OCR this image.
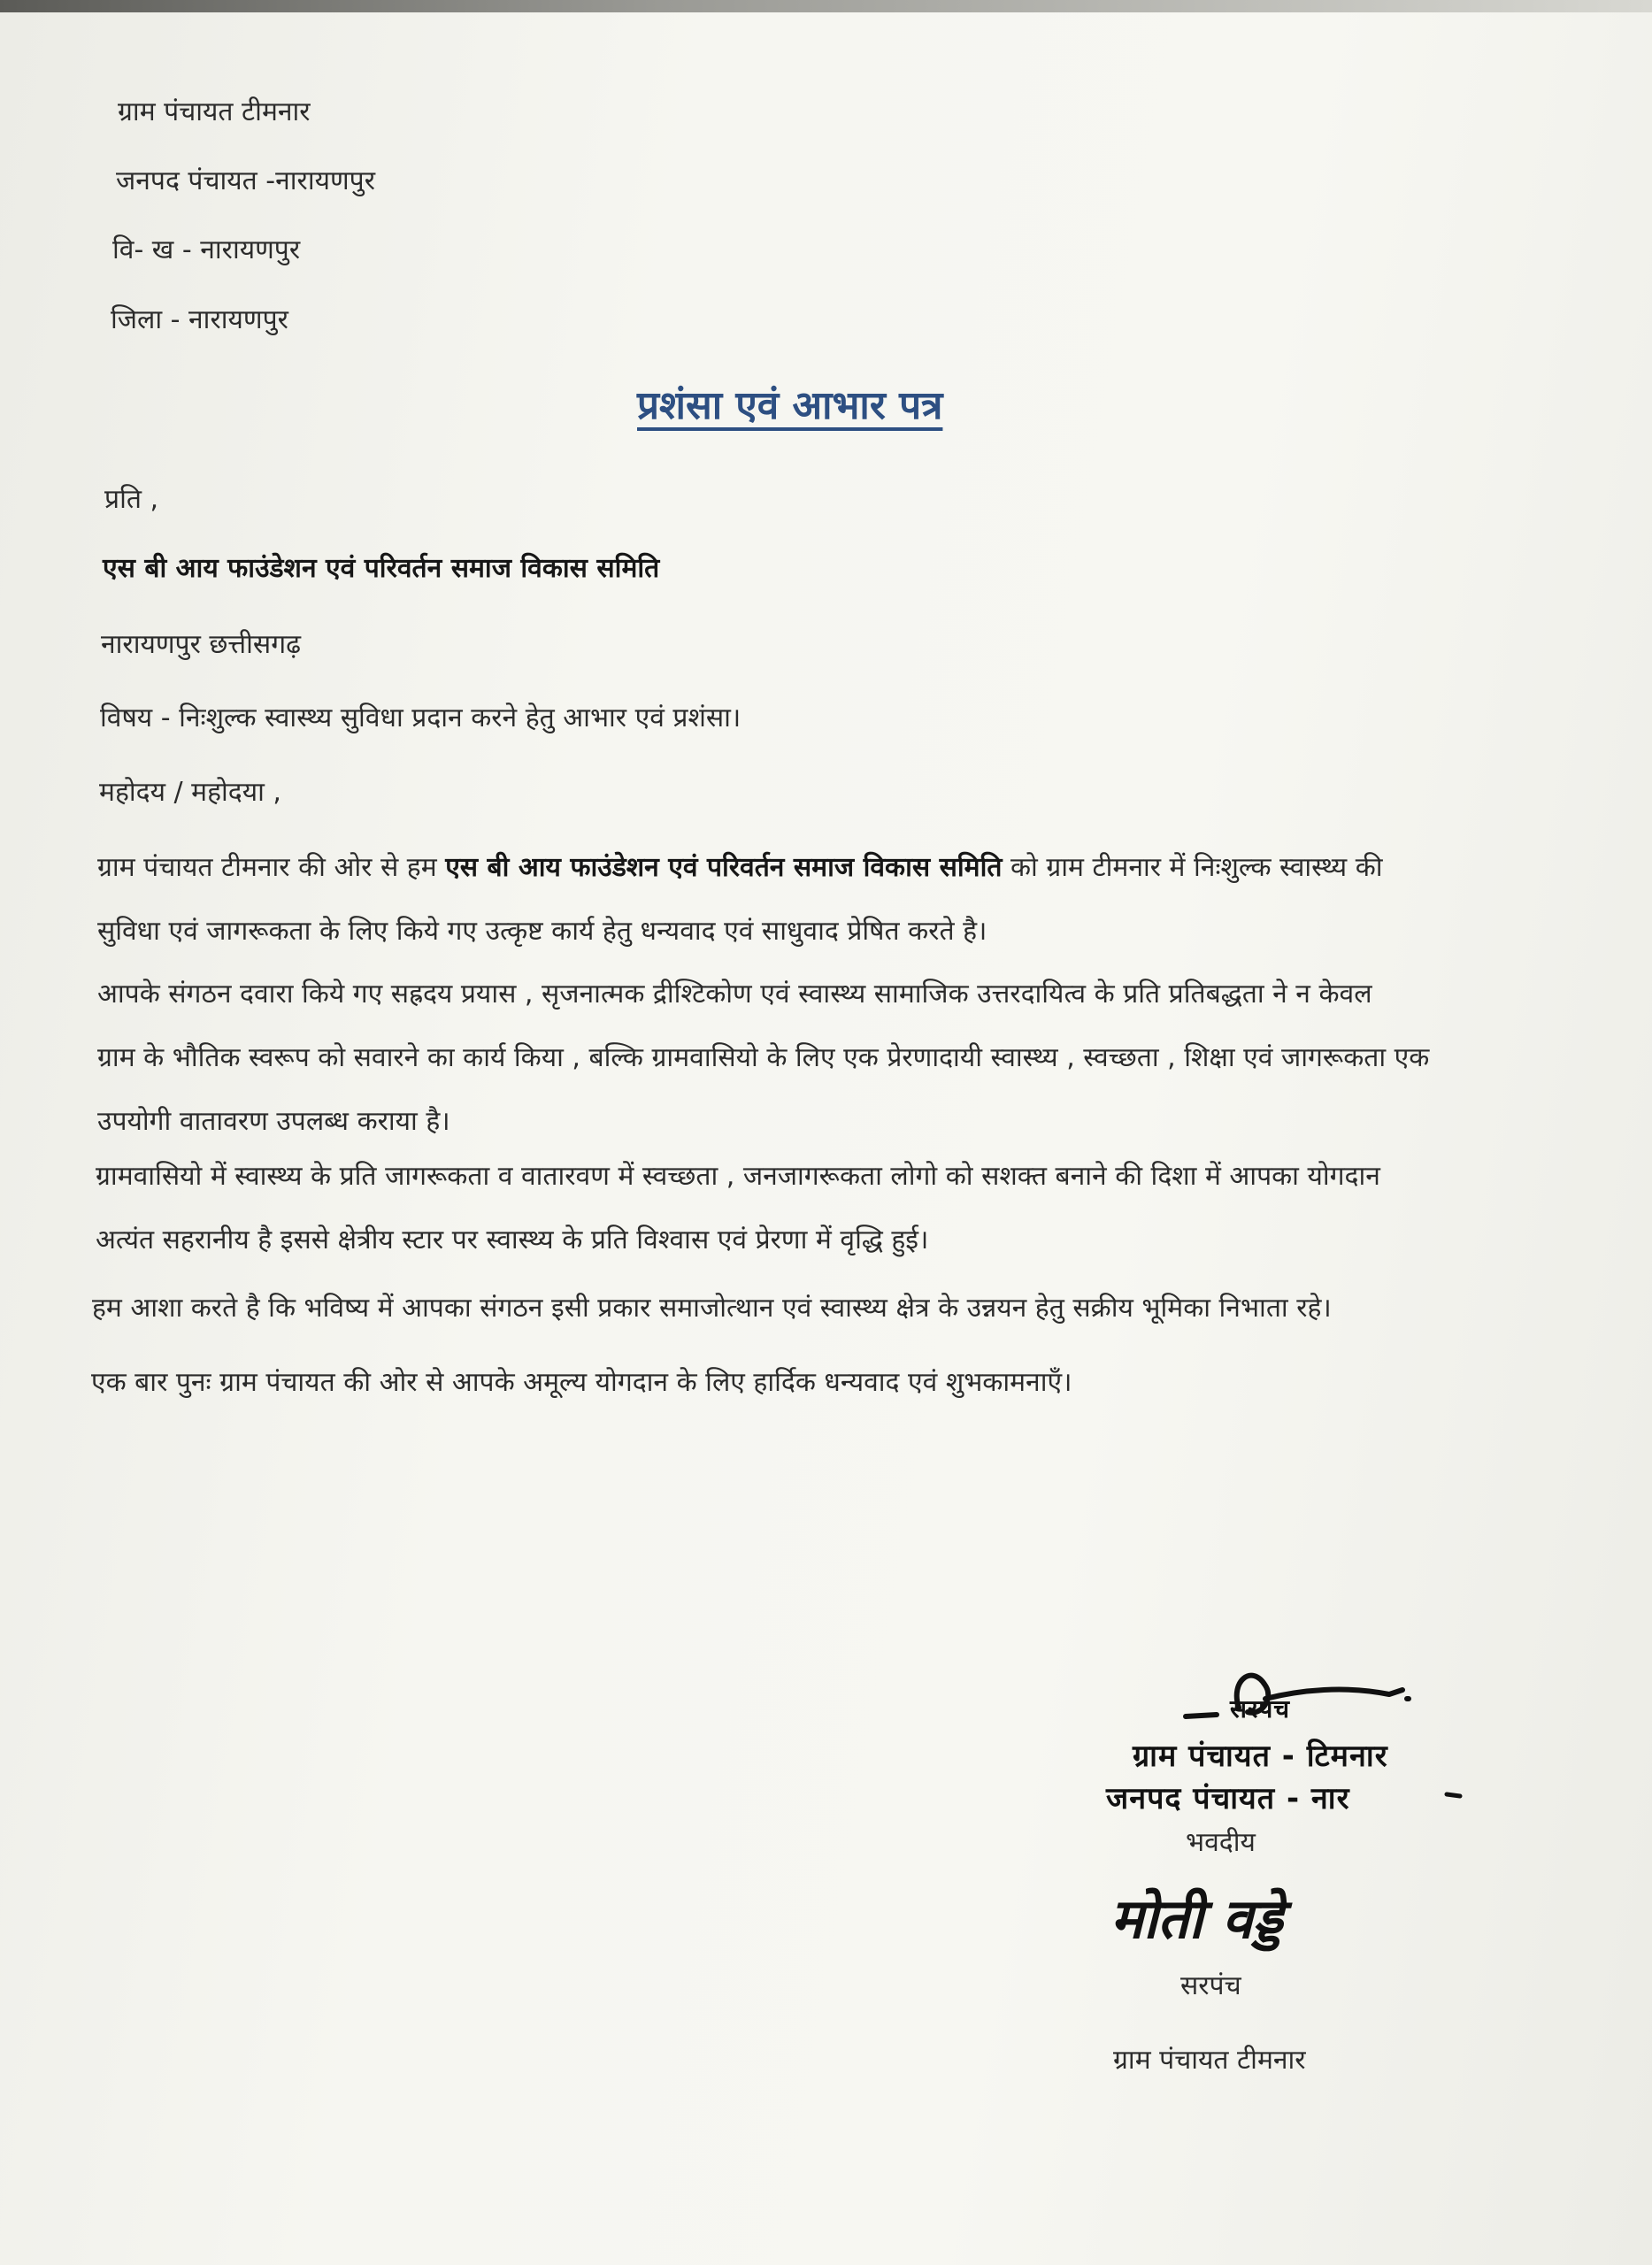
ग्राम पंचायत टीमनार
जनपद पंचायत -नारायणपुर
वि- ख - नारायणपुर
जिला - नारायणपुर
प्रशंसा एवं आभार पत्र
प्रति ,
एस बी आय फाउंडेशन एवं परिवर्तन समाज विकास समिति
नारायणपुर छत्तीसगढ़
विषय - निःशुल्क स्वास्थ्य सुविधा प्रदान करने हेतु आभार एवं प्रशंसा।
महोदय / महोदया ,
ग्राम पंचायत टीमनार की ओर से हम एस बी आय फाउंडेशन एवं परिवर्तन समाज विकास समिति को ग्राम टीमनार में निःशुल्क स्वास्थ्य की
सुविधा एवं जागरूकता के लिए किये गए उत्कृष्ट कार्य हेतु धन्यवाद एवं साधुवाद प्रेषित करते है।
आपके संगठन दवारा किये गए सह्रदय प्रयास , सृजनात्मक द्रीश्टिकोण एवं स्वास्थ्य सामाजिक उत्तरदायित्व के प्रति प्रतिबद्धता ने न केवल
ग्राम के भौतिक स्वरूप को सवारने का कार्य किया , बल्कि ग्रामवासियो के लिए एक प्रेरणादायी स्वास्थ्य , स्वच्छता , शिक्षा एवं जागरूकता एक
उपयोगी वातावरण उपलब्ध कराया है।
ग्रामवासियो में स्वास्थ्य के प्रति जागरूकता व वातारवण में स्वच्छता , जनजागरूकता लोगो को सशक्त बनाने की दिशा में आपका योगदान
अत्यंत सहरानीय है इससे क्षेत्रीय स्टार पर स्वास्थ्य के प्रति विश्वास एवं प्रेरणा में वृद्धि हुई।
हम आशा करते है कि भविष्य में आपका संगठन इसी प्रकार समाजोत्थान एवं स्वास्थ्य क्षेत्र के उन्नयन हेतु सक्रीय भूमिका निभाता रहे।
एक बार पुनः ग्राम पंचायत की ओर से आपके अमूल्य योगदान के लिए हार्दिक धन्यवाद एवं शुभकामनाएँ।
सरपंच
ग्राम पंचायत - टिमनार
जनपद पंचायत - नार
भवदीय
मोती वड्डे
सरपंच
ग्राम पंचायत टीमनार
